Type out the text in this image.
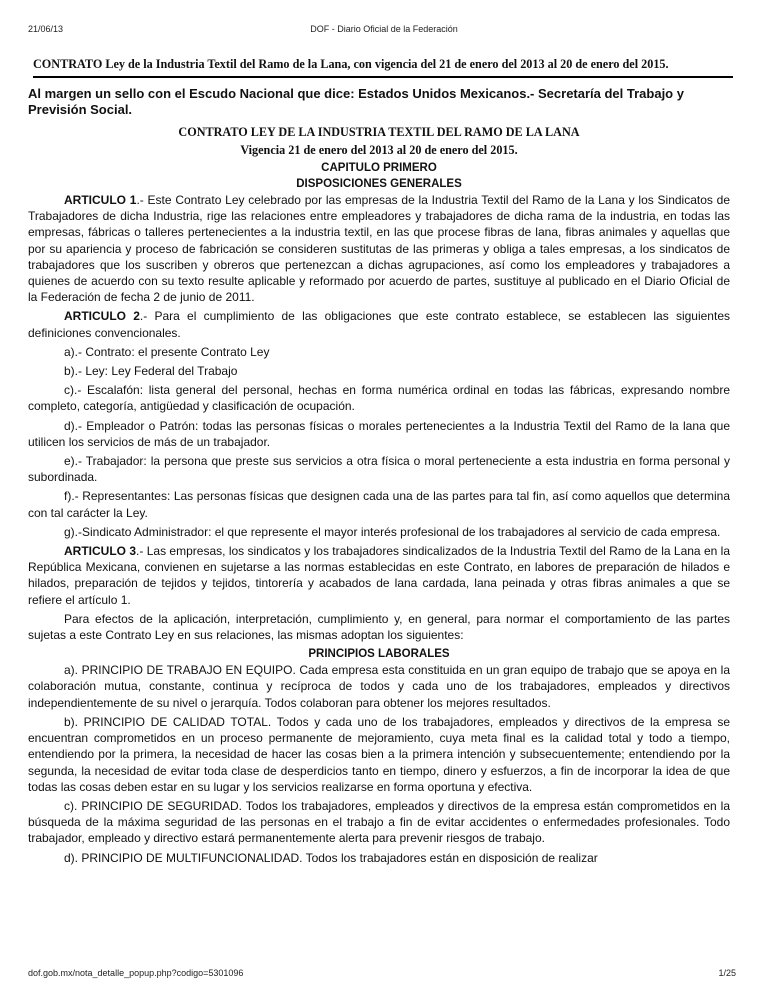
21/06/13	DOF - Diario Oficial de la Federación
CONTRATO Ley de la Industria Textil del Ramo de la Lana, con vigencia del 21 de enero del 2013 al 20 de enero del 2015.
Al margen un sello con el Escudo Nacional que dice: Estados Unidos Mexicanos.- Secretaría del Trabajo y Previsión Social.
CONTRATO LEY DE LA INDUSTRIA TEXTIL DEL RAMO DE LA LANA
Vigencia 21 de enero del 2013 al 20 de enero del 2015.
CAPITULO PRIMERO
DISPOSICIONES GENERALES

ARTICULO 1.- Este Contrato Ley celebrado por las empresas de la Industria Textil del Ramo de la Lana y los Sindicatos de Trabajadores de dicha Industria, rige las relaciones entre empleadores y trabajadores de dicha rama de la industria, en todas las empresas, fábricas o talleres pertenecientes a la industria textil, en las que procese fibras de lana, fibras animales y aquellas que por su apariencia y proceso de fabricación se consideren sustitutas de las primeras y obliga a tales empresas, a los sindicatos de trabajadores que los suscriben y obreros que pertenezcan a dichas agrupaciones, así como los empleadores y trabajadores a quienes de acuerdo con su texto resulte aplicable y reformado por acuerdo de partes, sustituye al publicado en el Diario Oficial de la Federación de fecha 2 de junio de 2011.

ARTICULO 2.- Para el cumplimiento de las obligaciones que este contrato establece, se establecen las siguientes definiciones convencionales.

a).- Contrato: el presente Contrato Ley

b).- Ley: Ley Federal del Trabajo

c).- Escalafón: lista general del personal, hechas en forma numérica ordinal en todas las fábricas, expresando nombre completo, categoría, antigüedad y clasificación de ocupación.

d).- Empleador o Patrón: todas las personas físicas o morales pertenecientes a la Industria Textil del Ramo de la lana que utilicen los servicios de más de un trabajador.

e).- Trabajador: la persona que preste sus servicios a otra física o moral perteneciente a esta industria en forma personal y subordinada.

f).- Representantes: Las personas físicas que designen cada una de las partes para tal fin, así como aquellos que determina con tal carácter la Ley.

g).-Sindicato Administrador: el que represente el mayor interés profesional de los trabajadores al servicio de cada empresa.

ARTICULO 3.- Las empresas, los sindicatos y los trabajadores sindicalizados de la Industria Textil del Ramo de la Lana en la República Mexicana, convienen en sujetarse a las normas establecidas en este Contrato, en labores de preparación de hilados e hilados, preparación de tejidos y tejidos, tintorería y acabados de lana cardada, lana peinada y otras fibras animales a que se refiere el artículo 1.

Para efectos de la aplicación, interpretación, cumplimiento y, en general, para normar el comportamiento de las partes sujetas a este Contrato Ley en sus relaciones, las mismas adoptan los siguientes:

PRINCIPIOS LABORALES

a). PRINCIPIO DE TRABAJO EN EQUIPO. Cada empresa esta constituida en un gran equipo de trabajo que se apoya en la colaboración mutua, constante, continua y recíproca de todos y cada uno de los trabajadores, empleados y directivos independientemente de su nivel o jerarquía. Todos colaboran para obtener los mejores resultados.

b). PRINCIPIO DE CALIDAD TOTAL. Todos y cada uno de los trabajadores, empleados y directivos de la empresa se encuentran comprometidos en un proceso permanente de mejoramiento, cuya meta final es la calidad total y todo a tiempo, entendiendo por la primera, la necesidad de hacer las cosas bien a la primera intención y subsecuentemente; entendiendo por la segunda, la necesidad de evitar toda clase de desperdicios tanto en tiempo, dinero y esfuerzos, a fin de incorporar la idea de que todas las cosas deben estar en su lugar y los servicios realizarse en forma oportuna y efectiva.

c). PRINCIPIO DE SEGURIDAD. Todos los trabajadores, empleados y directivos de la empresa están comprometidos en la búsqueda de la máxima seguridad de las personas en el trabajo a fin de evitar accidentes o enfermedades profesionales. Todo trabajador, empleado y directivo estará permanentemente alerta para prevenir riesgos de trabajo.

d). PRINCIPIO DE MULTIFUNCIONALIDAD. Todos los trabajadores están en disposición de realizar

dof.gob.mx/nota_detalle_popup.php?codigo=5301096	1/25
